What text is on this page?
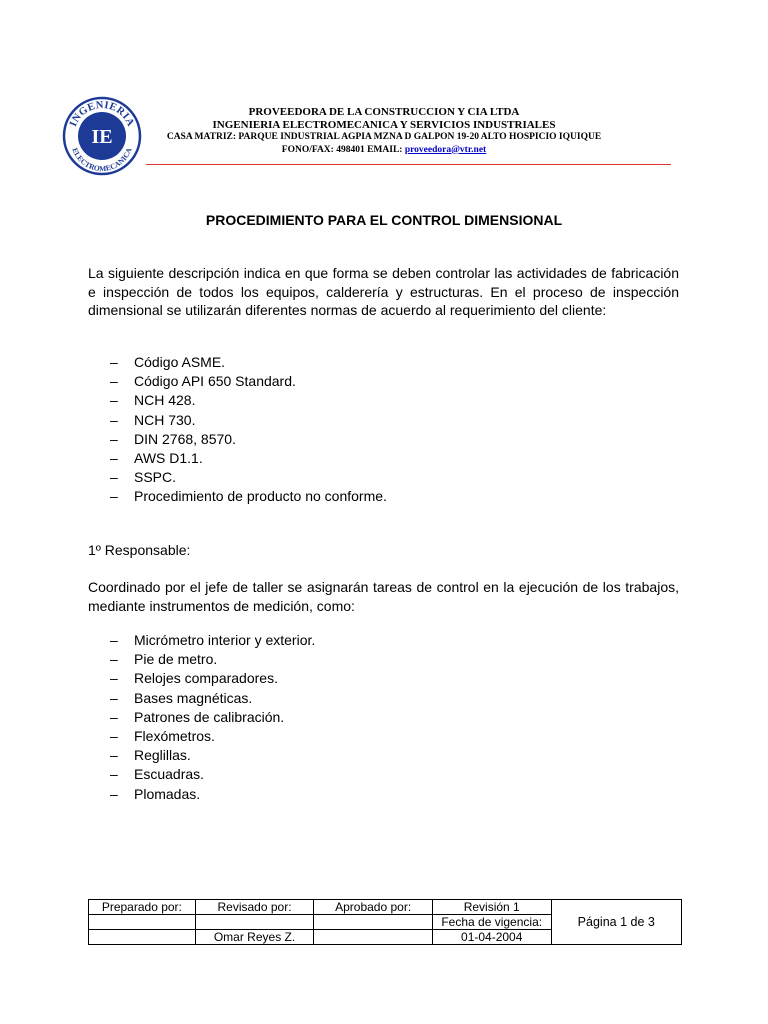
IE
INGENIERIA
ELECTROMECANICA
PROVEEDORA DE LA CONSTRUCCION Y CIA LTDA
INGENIERIA ELECTROMECANICA Y SERVICIOS INDUSTRIALES
CASA MATRIZ: PARQUE INDUSTRIAL AGPIA MZNA D GALPON 19-20 ALTO HOSPICIO IQUIQUE
FONO/FAX: 498401 EMAIL: proveedora@vtr.net
PROCEDIMIENTO PARA EL CONTROL DIMENSIONAL
La siguiente descripción indica en que forma se deben controlar las actividades de fabricación e inspección de todos los equipos, calderería y estructuras. En el proceso de inspección dimensional se utilizarán diferentes normas de acuerdo al requerimiento del cliente:
– Código ASME.
– Código API 650 Standard.
– NCH 428.
– NCH 730.
– DIN 2768, 8570.
– AWS D1.1.
– SSPC.
– Procedimiento de producto no conforme.
1º Responsable:
Coordinado por el jefe de taller se asignarán tareas de control en la ejecución de los trabajos, mediante instrumentos de medición, como:
– Micrómetro interior y exterior.
– Pie de metro.
– Relojes comparadores.
– Bases magnéticas.
– Patrones de calibración.
– Flexómetros.
– Reglillas.
– Escuadras.
– Plomadas.
Preparado por:	Revisado por:	Aprobado por:	Revisión 1	Página 1 de 3
			Fecha de vigencia:	
	Omar Reyes Z.		01-04-2004	
